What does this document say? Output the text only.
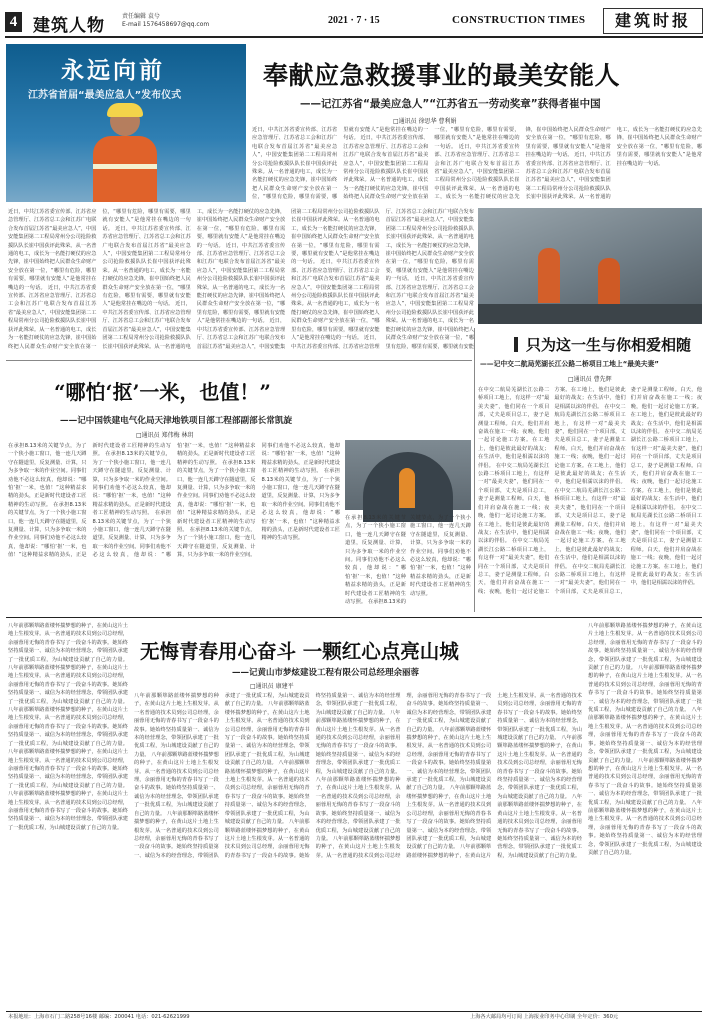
4 建筑人物	责任编辑 袁兮
E-mail 1576458697@qq.com	2021 · 7 · 15	CONSTRUCTION TIMES	建筑时报
永远向前
江苏省首届“最美应急人”发布仪式
奉献应急救援事业的最美安能人
——记江苏省“最美应急人”“江苏省五一劳动奖章”获得者崔中国
□通讯员 徐思华 曹利娟
近日，中共江苏省委宣传部、江苏省应急管理厅、江苏省总工会和江苏广电联合发布首届江苏省“最美应急人”，中国安能集团第二工程局常州分公司抢险救援队队长崔中国获评此殊荣。从一名普通的电工，成长为一名能打硬仗的应急先锋，崔中国始终把人民群众生命财产安全放在第一位，“哪里有危险，哪里有需要，哪里就有安能人”是他常挂在嘴边的一句话。 近日，中共江苏省委宣传部、江苏省应急管理厅、江苏省总工会和江苏广电联合发布首届江苏省“最美应急人”，中国安能集团第二工程局常州分公司抢险救援队队长崔中国获评此殊荣。从一名普通的电工，成长为一名能打硬仗的应急先锋，崔中国始终把人民群众生命财产安全放在第一位，“哪里有危险，哪里有需要，哪里就有安能人”是他常挂在嘴边的一句话。 近日，中共江苏省委宣传部、江苏省应急管理厅、江苏省总工会和江苏广电联合发布首届江苏省“最美应急人”，中国安能集团第二工程局常州分公司抢险救援队队长崔中国获评此殊荣。从一名普通的电工，成长为一名能打硬仗的应急先锋，崔中国始终把人民群众生命财产安全放在第一位，“哪里有危险，哪里有需要，哪里就有安能人”是他常挂在嘴边的一句话。 近日，中共江苏省委宣传部、江苏省应急管理厅、江苏省总工会和江苏广电联合发布首届江苏省“最美应急人”，中国安能集团第二工程局常州分公司抢险救援队队长崔中国获评此殊荣。从一名普通的电工，成长为一名能打硬仗的应急先锋，崔中国始终把人民群众生命财产安全放在第一位，“哪里有危险，哪里有需要，哪里就有安能人”是他常挂在嘴边的一句话。
近日，中共江苏省委宣传部、江苏省应急管理厅、江苏省总工会和江苏广电联合发布首届江苏省“最美应急人”，中国安能集团第二工程局常州分公司抢险救援队队长崔中国获评此殊荣。从一名普通的电工，成长为一名能打硬仗的应急先锋，崔中国始终把人民群众生命财产安全放在第一位，“哪里有危险，哪里有需要，哪里就有安能人”是他常挂在嘴边的一句话。 近日，中共江苏省委宣传部、江苏省应急管理厅、江苏省总工会和江苏广电联合发布首届江苏省“最美应急人”，中国安能集团第二工程局常州分公司抢险救援队队长崔中国获评此殊荣。从一名普通的电工，成长为一名能打硬仗的应急先锋，崔中国始终把人民群众生命财产安全放在第一位，“哪里有危险，哪里有需要，哪里就有安能人”是他常挂在嘴边的一句话。 近日，中共江苏省委宣传部、江苏省应急管理厅、江苏省总工会和江苏广电联合发布首届江苏省“最美应急人”，中国安能集团第二工程局常州分公司抢险救援队队长崔中国获评此殊荣。从一名普通的电工，成长为一名能打硬仗的应急先锋，崔中国始终把人民群众生命财产安全放在第一位，“哪里有危险，哪里有需要，哪里就有安能人”是他常挂在嘴边的一句话。 近日，中共江苏省委宣传部、江苏省应急管理厅、江苏省总工会和江苏广电联合发布首届江苏省“最美应急人”，中国安能集团第二工程局常州分公司抢险救援队队长崔中国获评此殊荣。从一名普通的电工，成长为一名能打硬仗的应急先锋，崔中国始终把人民群众生命财产安全放在第一位，“哪里有危险，哪里有需要，哪里就有安能人”是他常挂在嘴边的一句话。 近日，中共江苏省委宣传部、江苏省应急管理厅、江苏省总工会和江苏广电联合发布首届江苏省“最美应急人”，中国安能集团第二工程局常州分公司抢险救援队队长崔中国获评此殊荣。从一名普通的电工，成长为一名能打硬仗的应急先锋，崔中国始终把人民群众生命财产安全放在第一位，“哪里有危险，哪里有需要，哪里就有安能人”是他常挂在嘴边的一句话。 近日，中共江苏省委宣传部、江苏省应急管理厅、江苏省总工会和江苏广电联合发布首届江苏省“最美应急人”，中国安能集团第二工程局常州分公司抢险救援队队长崔中国获评此殊荣。从一名普通的电工，成长为一名能打硬仗的应急先锋，崔中国始终把人民群众生命财产安全放在第一位，“哪里有危险，哪里有需要，哪里就有安能人”是他常挂在嘴边的一句话。 近日，中共江苏省委宣传部、江苏省应急管理厅、江苏省总工会和江苏广电联合发布首届江苏省“最美应急人”，中国安能集团第二工程局常州分公司抢险救援队队长崔中国获评此殊荣。从一名普通的电工，成长为一名能打硬仗的应急先锋，崔中国始终把人民群众生命财产安全放在第一位，“哪里有危险，哪里有需要，哪里就有安能人”是他常挂在嘴边的一句话。 近日，中共江苏省委宣传部、江苏省应急管理厅、江苏省总工会和江苏广电联合发布首届江苏省“最美应急人”，中国安能集团第二工程局常州分公司抢险救援队队长崔中国获评此殊荣。从一名普通的电工，成长为一名能打硬仗的应急先锋，崔中国始终把人民群众生命财产安全放在第一位，“哪里有危险，哪里有需要，哪里就有安能人”是他常挂在嘴边的一句话。 近日，中共江苏省委宣传部、江苏省应急管理厅、江苏省总工会和江苏广电联合发布首届江苏省“最美应急人”，中国安能集团第二工程局常州分公司抢险救援队队长崔中国获评此殊荣。从一名普通的电工，成长为一名能打硬仗的应急先锋，崔中国始终把人民群众生命财产安全放在第一位，“哪里有危险，哪里有需要，哪里就有安能	只为这一生与你相爱相随
——记中交二航局芜湖长江公路二桥项目工地上“最美夫妻”
□通讯员 曹先辉
在中交二航局芜湖长江公路二桥项目工地上，有这样一对“最美夫妻”，他们同在一个项目部，丈夫是项目总工，妻子是测量工程师。白天，他们并肩奋战在施工一线；夜晚，他们一起讨论施工方案。在工地上，他们是彼此最好的战友；在生活中，他们是相濡以沫的伴侣。 在中交二航局芜湖长江公路二桥项目工地上，有这样一对“最美夫妻”，他们同在一个项目部，丈夫是项目总工，妻子是测量工程师。白天，他们并肩奋战在施工一线；夜晚，他们一起讨论施工方案。在工地上，他们是彼此最好的战友；在生活中，他们是相濡以沫的伴侣。 在中交二航局芜湖长江公路二桥项目工地上，有这样一对“最美夫妻”，他们同在一个项目部，丈夫是项目总工，妻子是测量工程师。白天，他们并肩奋战在施工一线；夜晚，他们一起讨论施工方案。在工地上，他们是彼此最好的战友；在生活中，他们是相濡以沫的伴侣。 在中交二航局芜湖长江公路二桥项目工地上，有这样一对“最美夫妻”，他们同在一个项目部，丈夫是项目总工，妻子是测量工程师。白天，他们并肩奋战在施工一线；夜晚，他们一起讨论施工方案。在工地上，他们是彼此最好的战友；在生活中，他们是相濡以沫的伴侣。 在中交二航局芜湖长江公路二桥项目工地上，有这样一对“最美夫妻”，他们同在一个项目部，丈夫是项目总工，妻子是测量工程师。白天，他们并肩奋战在施工一线；夜晚，他们一起讨论施工方案。在工地上，他们是彼此最好的战友；在生活中，他们是相濡以沫的伴侣。 在中交二航局芜湖长江公路二桥项目工地上，有这样一对“最美夫妻”，他们同在一个项目部，丈夫是项目总工，妻子是测量工程师。白天，他们并肩奋战在施工一线；夜晚，他们一起讨论施工方案。在工地上，他们是彼此最好的战友；在生活中，他们是相濡以沫的伴侣。 在中交二航局芜湖长江公路二桥项目工地上，有这样一对“最美夫妻”，他们同在一个项目部，丈夫是项目总工，妻子是测量工程师。白天，他们并肩奋战在施工一线；夜晚，他们一起讨论施工方案。在工地上，他们是彼此最好的战友；在生活中，他们是相濡以沫的伴侣。 在中交二航局芜湖长江公路二桥项目工地上，有这样一对“最美夫妻”，他们同在一个项目部，丈夫是项目总工，妻子是测量工程师。白天，他们并肩奋战在施工一线；夜晚，他们一起讨论施工方案。在工地上，他们是彼此最好的战友；在生活中，他们是相濡以沫的伴侣。
“哪怕‘抠’一米，也值！”
——记中国铁建电气化局天津地铁项目部工程部副部长常凯旋
□通讯员 郑伟梅 林玥
在承担8.13米的关键节点，为了一个狭小施工窗口，他一连几天蹲守在隧道里，反复测量、计算，只为多争取一米的作业空间。同事们劝他不必这么较真，他却说：“哪怕‘抠’一米，也值！”这种精益求精的劲头，正是新时代建设者工匠精神的生动写照。 在承担8.13米的关键节点，为了一个狭小施工窗口，他一连几天蹲守在隧道里，反复测量、计算，只为多争取一米的作业空间。同事们劝他不必这么较真，他却说：“哪怕‘抠’一米，也值！”这种精益求精的劲头，正是新时代建设者工匠精神的生动写照。 在承担8.13米的关键节点，为了一个狭小施工窗口，他一连几天蹲守在隧道里，反复测量、计算，只为多争取一米的作业空间。同事们劝他不必这么较真，他却说：“哪怕‘抠’一米，也值！”这种精益求精的劲头，正是新时代建设者工匠精神的生动写照。 在承担8.13米的关键节点，为了一个狭小施工窗口，他一连几天蹲守在隧道里，反复测量、计算，只为多争取一米的作业空间。同事们劝他不必这么较真，他却说：“哪怕‘抠’一米，也值！”这种精益求精的劲头，正是新时代建设者工匠精神的生动写照。 在承担8.13米的关键节点，为了一个狭小施工窗口，他一连几天蹲守在隧道里，反复测量、计算，只为多争取一米的作业空间。同事们劝他不必这么较真，他却说：“哪怕‘抠’一米，也值！”这种精益求精的劲头，正是新时代建设者工匠精神的生动写照。 在承担8.13米的关键节点，为了一个狭小施工窗口，他一连几天蹲守在隧道里，反复测量、计算，只为多争取一米的作业空间。同事们劝他不必这么较真，他却说：“哪怕‘抠’一米，也值！”这种精益求精的劲头，正是新时代建设者工匠精神的生动写照。 在承担8.13米的关键节点，为了一个狭小施工窗口，他一连几天蹲守在隧道里，反复测量、计算，只为多争取一米的作业空间。同事们劝他不必这么较真，他却说：“哪怕‘抠’一米，也值！”这种精益求精的劲头，正是新时代建设者工匠精神的生动写照。
在承担8.13米的关键节点，为了一个狭小施工窗口，他一连几天蹲守在隧道里，反复测量、计算，只为多争取一米的作业空间。同事们劝他不必这么较真，他却说：“哪怕‘抠’一米，也值！”这种精益求精的劲头，正是新时代建设者工匠精神的生动写照。 在承担8.13米的关键节点，为了一个狭小施工窗口，他一连几天蹲守在隧道里，反复测量、计算，只为多争取一米的作业空间。同事们劝他不必这么较真，他却说：“哪怕‘抠’一米，也值！”这种精益求精的劲头，正是新时代建设者工匠精神的生动写照。
八年前那颗筚路蓝缕怀揣梦想的种子，在黄山这片土地上生根发芽。从一名普通的技术员到公司总经理，余丽蓉用无悔的青春书写了一段奋斗的故事。她始终坚持质量第一、诚信为本的经营理念，带领团队承建了一批优质工程，为山城建设贡献了自己的力量。 八年前那颗筚路蓝缕怀揣梦想的种子，在黄山这片土地上生根发芽。从一名普通的技术员到公司总经理，余丽蓉用无悔的青春书写了一段奋斗的故事。她始终坚持质量第一、诚信为本的经营理念，带领团队承建了一批优质工程，为山城建设贡献了自己的力量。 八年前那颗筚路蓝缕怀揣梦想的种子，在黄山这片土地上生根发芽。从一名普通的技术员到公司总经理，余丽蓉用无悔的青春书写了一段奋斗的故事。她始终坚持质量第一、诚信为本的经营理念，带领团队承建了一批优质工程，为山城建设贡献了自己的力量。 八年前那颗筚路蓝缕怀揣梦想的种子，在黄山这片土地上生根发芽。从一名普通的技术员到公司总经理，余丽蓉用无悔的青春书写了一段奋斗的故事。她始终坚持质量第一、诚信为本的经营理念，带领团队承建了一批优质工程，为山城建设贡献了自己的力量。 八年前那颗筚路蓝缕怀揣梦想的种子，在黄山这片土地上生根发芽。从一名普通的技术员到公司总经理，余丽蓉用无悔的青春书写了一段奋斗的故事。她始终坚持质量第一、诚信为本的经营理念，带领团队承建了一批优质工程，为山城建设贡献了自己的力量。
无悔青春用心奋斗 一颗红心点亮山城
——记黄山市梦炫建设工程有限公司总经理余丽蓉
□通讯员 康建平
八年前那颗筚路蓝缕怀揣梦想的种子，在黄山这片土地上生根发芽。从一名普通的技术员到公司总经理，余丽蓉用无悔的青春书写了一段奋斗的故事。她始终坚持质量第一、诚信为本的经营理念，带领团队承建了一批优质工程，为山城建设贡献了自己的力量。 八年前那颗筚路蓝缕怀揣梦想的种子，在黄山这片土地上生根发芽。从一名普通的技术员到公司总经理，余丽蓉用无悔的青春书写了一段奋斗的故事。她始终坚持质量第一、诚信为本的经营理念，带领团队承建了一批优质工程，为山城建设贡献了自己的力量。 八年前那颗筚路蓝缕怀揣梦想的种子，在黄山这片土地上生根发芽。从一名普通的技术员到公司总经理，余丽蓉用无悔的青春书写了一段奋斗的故事。她始终坚持质量第一、诚信为本的经营理念，带领团队承建了一批优质工程，为山城建设贡献了自己的力量。 八年前那颗筚路蓝缕怀揣梦想的种子，在黄山这片土地上生根发芽。从一名普通的技术员到公司总经理，余丽蓉用无悔的青春书写了一段奋斗的故事。她始终坚持质量第一、诚信为本的经营理念，带领团队承建了一批优质工程，为山城建设贡献了自己的力量。 八年前那颗筚路蓝缕怀揣梦想的种子，在黄山这片土地上生根发芽。从一名普通的技术员到公司总经理，余丽蓉用无悔的青春书写了一段奋斗的故事。她始终坚持质量第一、诚信为本的经营理念，带领团队承建了一批优质工程，为山城建设贡献了自己的力量。 八年前那颗筚路蓝缕怀揣梦想的种子，在黄山这片土地上生根发芽。从一名普通的技术员到公司总经理，余丽蓉用无悔的青春书写了一段奋斗的故事。她始终坚持质量第一、诚信为本的经营理念，带领团队承建了一批优质工程，为山城建设贡献了自己的力量。 八年前那颗筚路蓝缕怀揣梦想的种子，在黄山这片土地上生根发芽。从一名普通的技术员到公司总经理，余丽蓉用无悔的青春书写了一段奋斗的故事。她始终坚持质量第一、诚信为本的经营理念，带领团队承建了一批优质工程，为山城建设贡献了自己的力量。 八年前那颗筚路蓝缕怀揣梦想的种子，在黄山这片土地上生根发芽。从一名普通的技术员到公司总经理，余丽蓉用无悔的青春书写了一段奋斗的故事。她始终坚持质量第一、诚信为本的经营理念，带领团队承建了一批优质工程，为山城建设贡献了自己的力量。 八年前那颗筚路蓝缕怀揣梦想的种子，在黄山这片土地上生根发芽。从一名普通的技术员到公司总经理，余丽蓉用无悔的青春书写了一段奋斗的故事。她始终坚持质量第一、诚信为本的经营理念，带领团队承建了一批优质工程，为山城建设贡献了自己的力量。 八年前那颗筚路蓝缕怀揣梦想的种子，在黄山这片土地上生根发芽。从一名普通的技术员到公司总经理，余丽蓉用无悔的青春书写了一段奋斗的故事。她始终坚持质量第一、诚信为本的经营理念，带领团队承建了一批优质工程，为山城建设贡献了自己的力量。 八年前那颗筚路蓝缕怀揣梦想的种子，在黄山这片土地上生根发芽。从一名普通的技术员到公司总经理，余丽蓉用无悔的青春书写了一段奋斗的故事。她始终坚持质量第一、诚信为本的经营理念，带领团队承建了一批优质工程，为山城建设贡献了自己的力量。 八年前那颗筚路蓝缕怀揣梦想的种子，在黄山这片土地上生根发芽。从一名普通的技术员到公司总经理，余丽蓉用无悔的青春书写了一段奋斗的故事。她始终坚持质量第一、诚信为本的经营理念，带领团队承建了一批优质工程，为山城建设贡献了自己的力量。 八年前那颗筚路蓝缕怀揣梦想的种子，在黄山这片土地上生根发芽。从一名普通的技术员到公司总经理，余丽蓉用无悔的青春书写了一段奋斗的故事。她始终坚持质量第一、诚信为本的经营理念，带领团队承建了一批优质工程，为山城建设贡献了自己的力量。 八年前那颗筚路蓝缕怀揣梦想的种子，在黄山这片土地上生根发芽。从一名普通的技术员到公司总经理，余丽蓉用无悔的青春书写了一段奋斗的故事。她始终坚持质量第一、诚信为本的经营理念，带领团队承建了一批优质工程，为山城建设贡献了自己的力量。
八年前那颗筚路蓝缕怀揣梦想的种子，在黄山这片土地上生根发芽。从一名普通的技术员到公司总经理，余丽蓉用无悔的青春书写了一段奋斗的故事。她始终坚持质量第一、诚信为本的经营理念，带领团队承建了一批优质工程，为山城建设贡献了自己的力量。 八年前那颗筚路蓝缕怀揣梦想的种子，在黄山这片土地上生根发芽。从一名普通的技术员到公司总经理，余丽蓉用无悔的青春书写了一段奋斗的故事。她始终坚持质量第一、诚信为本的经营理念，带领团队承建了一批优质工程，为山城建设贡献了自己的力量。 八年前那颗筚路蓝缕怀揣梦想的种子，在黄山这片土地上生根发芽。从一名普通的技术员到公司总经理，余丽蓉用无悔的青春书写了一段奋斗的故事。她始终坚持质量第一、诚信为本的经营理念，带领团队承建了一批优质工程，为山城建设贡献了自己的力量。 八年前那颗筚路蓝缕怀揣梦想的种子，在黄山这片土地上生根发芽。从一名普通的技术员到公司总经理，余丽蓉用无悔的青春书写了一段奋斗的故事。她始终坚持质量第一、诚信为本的经营理念，带领团队承建了一批优质工程，为山城建设贡献了自己的力量。 八年前那颗筚路蓝缕怀揣梦想的种子，在黄山这片土地上生根发芽。从一名普通的技术员到公司总经理，余丽蓉用无悔的青春书写了一段奋斗的故事。她始终坚持质量第一、诚信为本的经营理念，带领团队承建了一批优质工程，为山城建设贡献了自己的力量。
本报地址：上海市石门二路258号16楼 邮编：200041 电话：021-62621999	上海各大邮局均可订阅 上海报业印务中心印刷 全年定价：360元
